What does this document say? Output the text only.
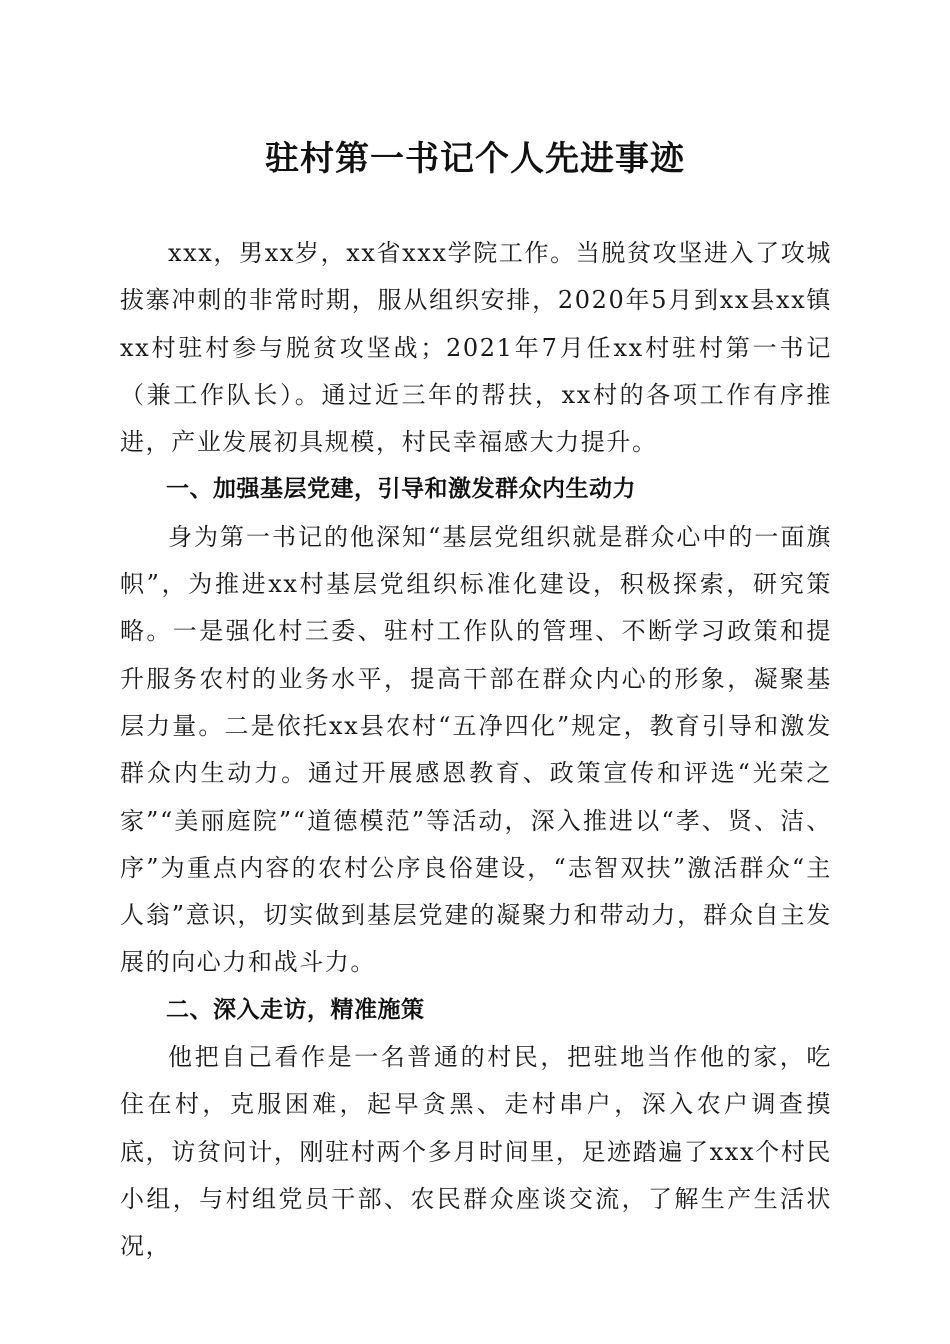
驻村第一书记个人先进事迹

xxx，男xx岁，xx省xxx学院工作。当脱贫攻坚进入了攻城拔寨冲刺的非常时期，服从组织安排，2020年5月到xx县xx镇xx村驻村参与脱贫攻坚战；2021年7月任xx村驻村第一书记（兼工作队长）。通过近三年的帮扶，xx村的各项工作有序推进，产业发展初具规模，村民幸福感大力提升。

一、加强基层党建，引导和激发群众内生动力

身为第一书记的他深知“基层党组织就是群众心中的一面旗帜”，为推进xx村基层党组织标准化建设，积极探索，研究策略。一是强化村三委、驻村工作队的管理、不断学习政策和提升服务农村的业务水平，提高干部在群众内心的形象，凝聚基层力量。二是依托xx县农村“五净四化”规定，教育引导和激发群众内生动力。通过开展感恩教育、政策宣传和评选“光荣之家”“美丽庭院”“道德模范”等活动，深入推进以“孝、贤、洁、序”为重点内容的农村公序良俗建设，“志智双扶”激活群众“主人翁”意识，切实做到基层党建的凝聚力和带动力，群众自主发展的向心力和战斗力。

二、深入走访，精准施策

他把自己看作是一名普通的村民，把驻地当作他的家，吃住在村，克服困难，起早贪黑、走村串户，深入农户调查摸底，访贫问计，刚驻村两个多月时间里，足迹踏遍了xxx个村民小组，与村组党员干部、农民群众座谈交流，了解生产生活状况，
